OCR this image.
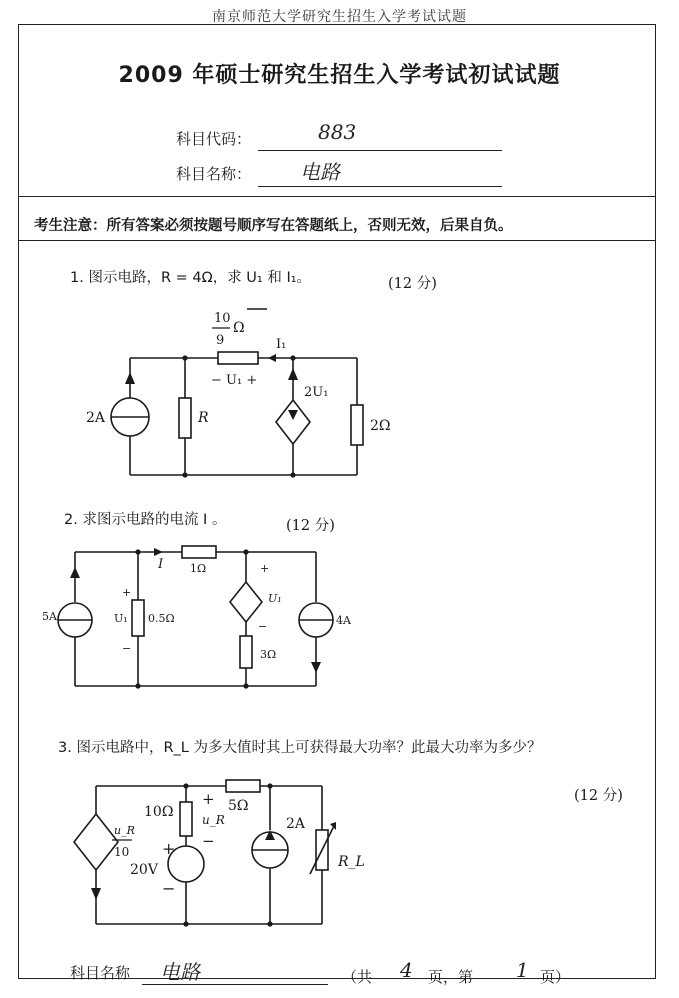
南京师范大学研究生招生入学考试试题
2009 年硕士研究生招生入学考试初试试题
科目代码：	883
科目名称： 电路
考生注意：所有答案必须按题号顺序写在答题纸上，否则无效，后果自负。
1. 图示电路，R = 4Ω，求 U₁ 和 I₁。	(12 分)
10
9
Ω
I₁
− U₁ +
2A	R
2U₁
2Ω
2. 求图示电路的电流 I 。	(12 分)
5A
I 1Ω
+
U₁
−
0.5Ω
+
U₁
−
3Ω
4A
3. 图示电路中，R_L 为多大值时其上可获得最大功率？此最大功率为多少？
(12 分)
u_R
10
10Ω
+
u_R
−
+
20V
−
5Ω
2A
R_L
科目名称 电路	（共 4 页，第 1 页）
